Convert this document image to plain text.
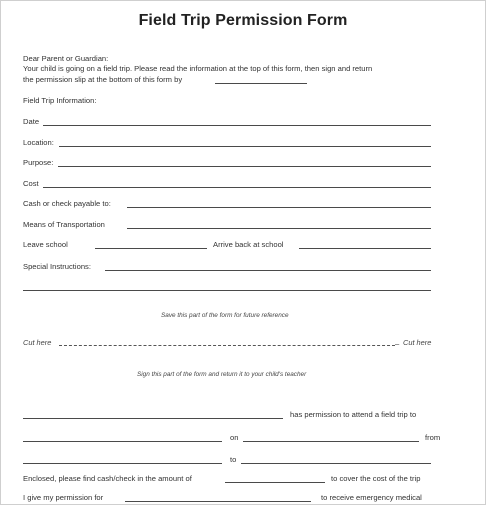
Field Trip Permission Form
Dear Parent or Guardian:
Your child is going on a field trip. Please read the information at the top of this form, then sign and return
the permission slip at the bottom of this form by
Field Trip Information:
Date
Location:
Purpose:
Cost
Cash or check payable to:
Means of Transportation
Leave school	Arrive back at school
Special Instructions:
Save this part of the form for future reference
Cut here	– Cut here
Sign this part of the form and return it to your child's teacher
has permission to attend a field trip to
on	from
to
Enclosed, please find cash/check in the amount of	to cover the cost of the trip
I give my permission for	to receive emergency medical
